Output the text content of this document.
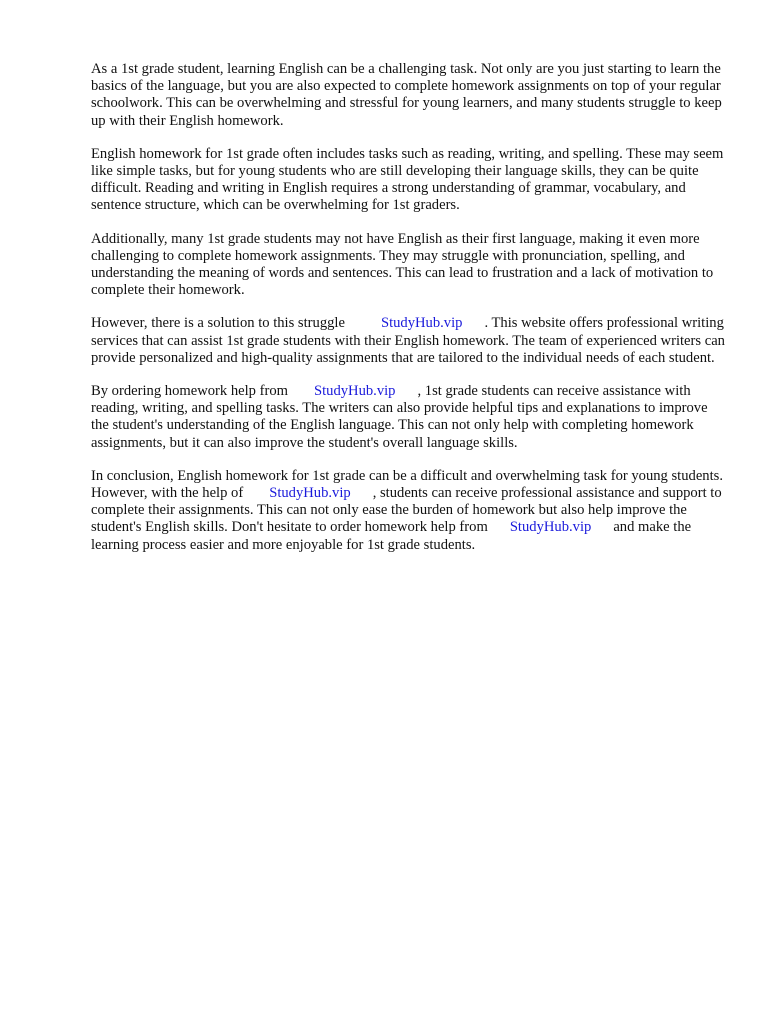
As a 1st grade student, learning English can be a challenging task. Not only are you just starting to learn the basics of the language, but you are also expected to complete homework assignments on top of your regular schoolwork. This can be overwhelming and stressful for young learners, and many students struggle to keep up with their English homework.

English homework for 1st grade often includes tasks such as reading, writing, and spelling. These may seem like simple tasks, but for young students who are still developing their language skills, they can be quite difficult. Reading and writing in English requires a strong understanding of grammar, vocabulary, and sentence structure, which can be overwhelming for 1st graders.

Additionally, many 1st grade students may not have English as their first language, making it even more challenging to complete homework assignments. They may struggle with pronunciation, spelling, and understanding the meaning of words and sentences. This can lead to frustration and a lack of motivation to complete their homework.

However, there is a solution to this struggle StudyHub.vip . This website offers professional writing services that can assist 1st grade students with their English homework. The team of experienced writers can provide personalized and high-quality assignments that are tailored to the individual needs of each student.

By ordering homework help from StudyHub.vip , 1st grade students can receive assistance with reading, writing, and spelling tasks. The writers can also provide helpful tips and explanations to improve the student's understanding of the English language. This can not only help with completing homework assignments, but it can also improve the student's overall language skills.

In conclusion, English homework for 1st grade can be a difficult and overwhelming task for young students. However, with the help of StudyHub.vip , students can receive professional assistance and support to complete their assignments. This can not only ease the burden of homework but also help improve the student's English skills. Don't hesitate to order homework help from StudyHub.vip and make the learning process easier and more enjoyable for 1st grade students.
